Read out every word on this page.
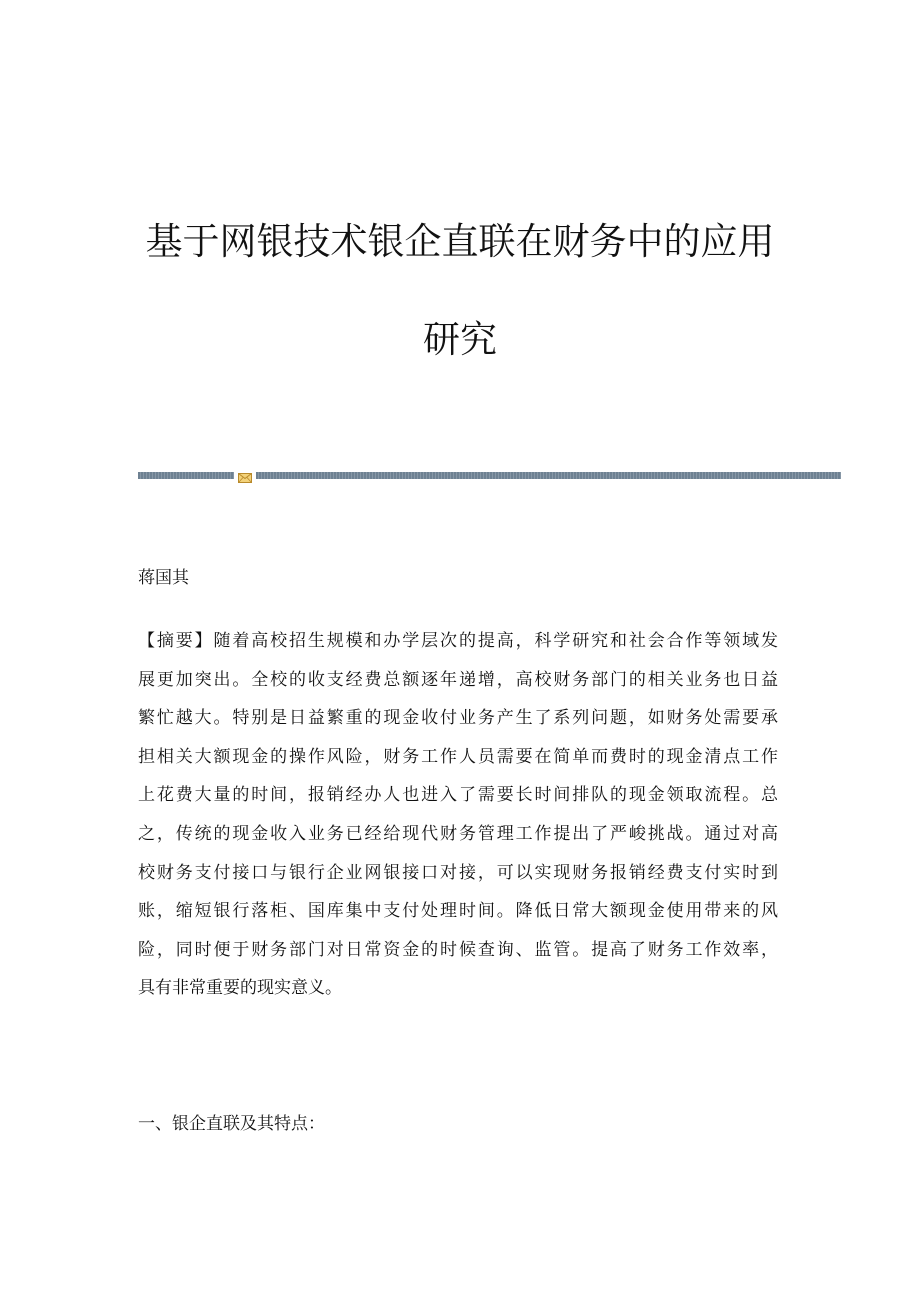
基于网银技术银企直联在财务中的应用
研究
蒋国其
【摘要】随着高校招生规模和办学层次的提高，科学研究和社会合作等领域发
展更加突出。全校的收支经费总额逐年递增，高校财务部门的相关业务也日益
繁忙越大。特别是日益繁重的现金收付业务产生了系列问题，如财务处需要承
担相关大额现金的操作风险，财务工作人员需要在简单而费时的现金清点工作
上花费大量的时间，报销经办人也进入了需要长时间排队的现金领取流程。总
之，传统的现金收入业务已经给现代财务管理工作提出了严峻挑战。通过对高
校财务支付接口与银行企业网银接口对接，可以实现财务报销经费支付实时到
账，缩短银行落柜、国库集中支付处理时间。降低日常大额现金使用带来的风
险，同时便于财务部门对日常资金的时候查询、监管。提高了财务工作效率，
具有非常重要的现实意义。
一、银企直联及其特点：
